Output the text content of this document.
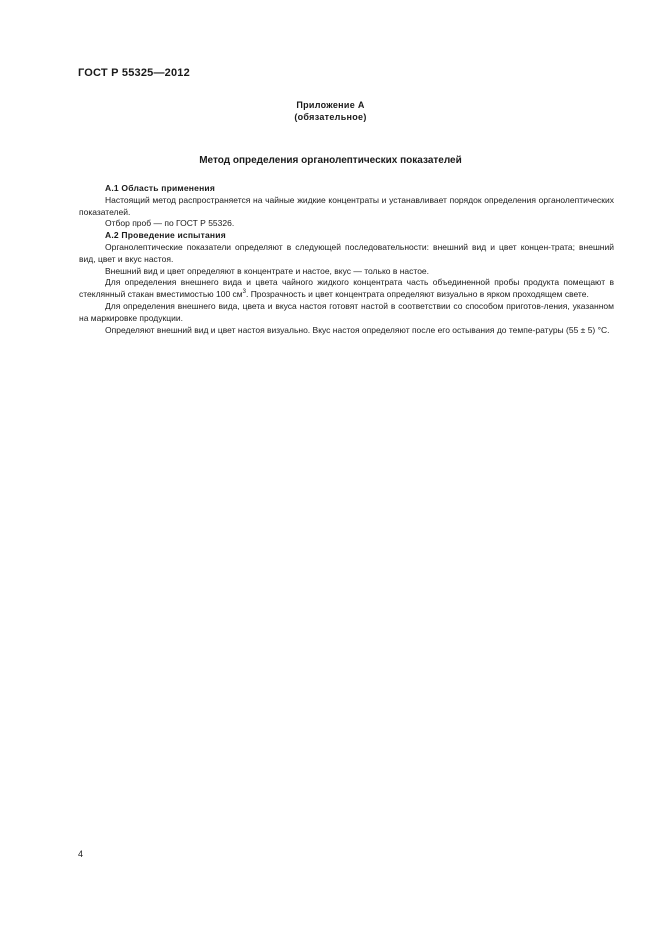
ГОСТ Р 55325—2012

Приложение А
(обязательное)

Метод определения органолептических показателей

А.1 Область применения

Настоящий метод распространяется на чайные жидкие концентраты и устанавливает порядок определения органолептических показателей.

Отбор проб — по ГОСТ Р 55326.

А.2 Проведение испытания

Органолептические показатели определяют в следующей последовательности: внешний вид и цвет концен-трата; внешний вид, цвет и вкус настоя.

Внешний вид и цвет определяют в концентрате и настое, вкус — только в настое.

Для определения внешнего вида и цвета чайного жидкого концентрата часть объединенной пробы продукта помещают в стеклянный стакан вместимостью 100 $см^3$. Прозрачность и цвет концентрата определяют визуально в ярком проходящем свете.

Для определения внешнего вида, цвета и вкуса настоя готовят настой в соответствии со способом приготов-ления, указанном на маркировке продукции.

Определяют внешний вид и цвет настоя визуально. Вкус настоя определяют после его остывания до темпе-ратуры (55 ± 5) °С.

4
